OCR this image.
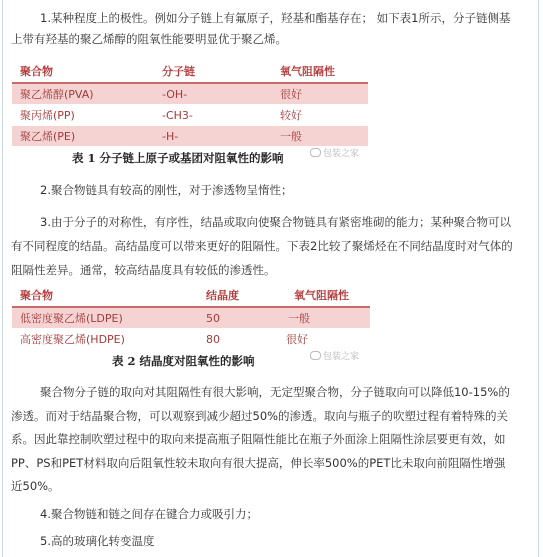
1.某种程度上的极性。例如分子链上有氟原子，羟基和酯基存在； 如下表1所示，分子链侧基
上带有羟基的聚乙烯醇的阻氧性能要明显优于聚乙烯。

聚合物	分子链	氧气阻隔性
聚乙烯醇(PVA)	-OH-	很好
聚丙烯(PP)	-CH3-	较好
聚乙烯(PE)	-H-	一般
表 1 分子链上原子或基团对阻氧性的影响	包装之家

2.聚合物链具有较高的刚性，对于渗透物呈惰性；

3.由于分子的对称性，有序性，结晶或取向使聚合物链具有紧密堆砌的能力；某种聚合物可以
有不同程度的结晶。高结晶度可以带来更好的阻隔性。下表2比较了聚烯烃在不同结晶度时对气体的
阻隔性差异。通常，较高结晶度具有较低的渗透性。

聚合物	结晶度	氧气阻隔性
低密度聚乙烯(LDPE)	50	一般
高密度聚乙烯(HDPE)	80	很好
表 2 结晶度对阻氧性的影响	包装之家

聚合物分子链的取向对其阻隔性有很大影响，无定型聚合物，分子链取向可以降低10-15%的
渗透。而对于结晶聚合物，可以观察到减少超过50%的渗透。取向与瓶子的吹塑过程有着特殊的关
系。因此靠控制吹塑过程中的取向来提高瓶子阻隔性能比在瓶子外面涂上阻隔性涂层要更有效，如
PP、PS和PET材料取向后阻氧性较未取向有很大提高，伸长率500%的PET比未取向前阻隔性增强
近50%。

4.聚合物链和链之间存在键合力或吸引力；

5.高的玻璃化转变温度
